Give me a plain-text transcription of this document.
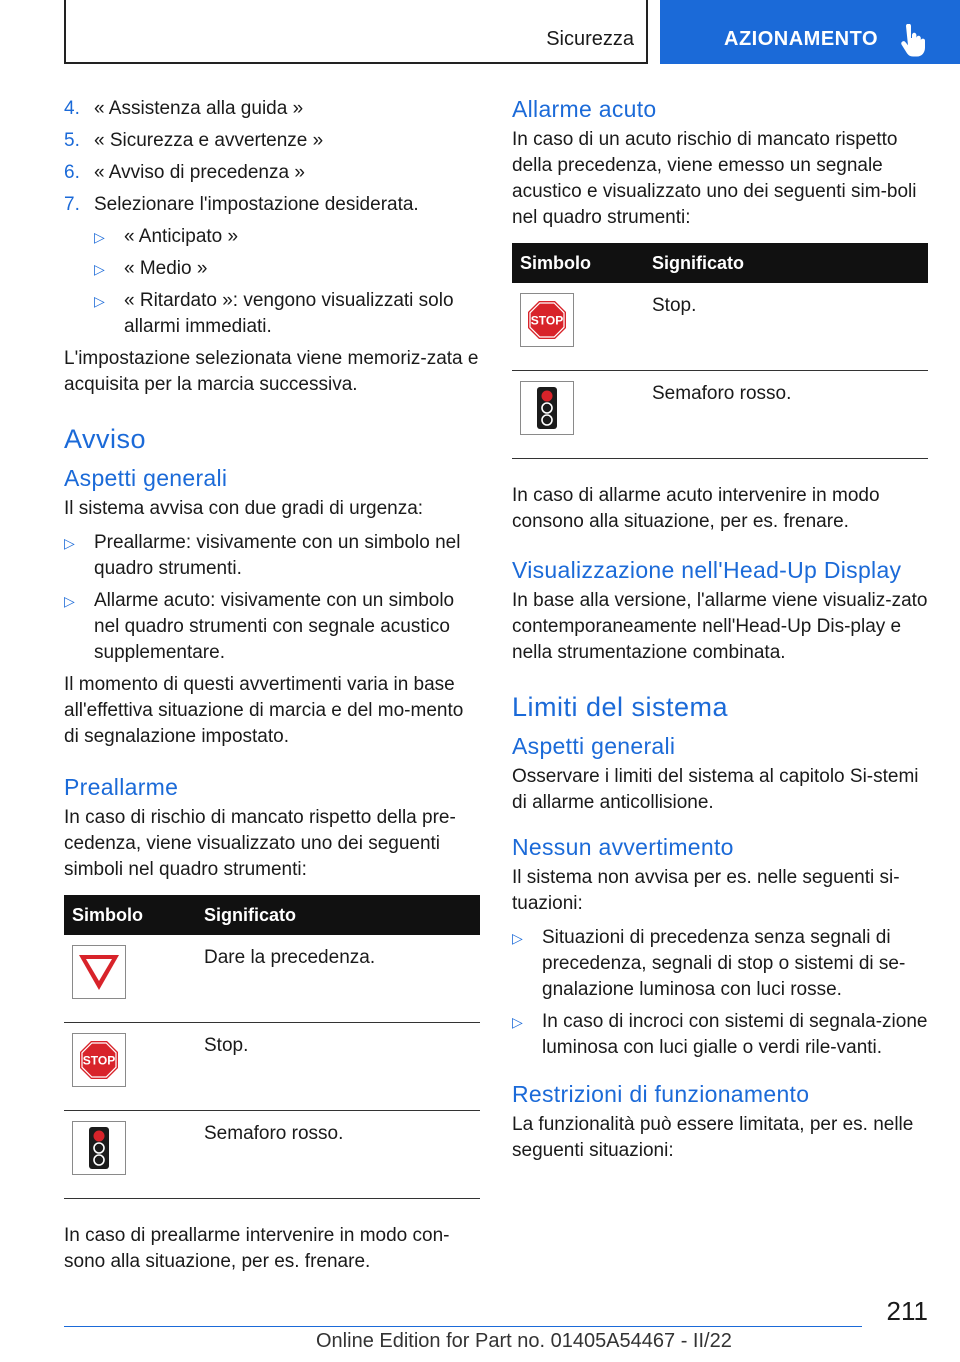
Sicurezza	AZIONAMENTO
4. « Assistenza alla guida »
5. « Sicurezza e avvertenze »
6. « Avviso di precedenza »
7. Selezionare l'impostazione desiderata.
▷ « Anticipato »
▷ « Medio »
▷ « Ritardato »: vengono visualizzati solo allarmi immediati.

L'impostazione selezionata viene memoriz-zata e acquisita per la marcia successiva.

Avviso
Aspetti generali

Il sistema avvisa con due gradi di urgenza:

▷ Preallarme: visivamente con un simbolo nel quadro strumenti.
▷ Allarme acuto: visivamente con un simbolo nel quadro strumenti con segnale acustico supplementare.

Il momento di questi avvertimenti varia in base all'effettiva situazione di marcia e del mo-mento di segnalazione impostato.

Preallarme

In caso di rischio di mancato rispetto della pre-cedenza, viene visualizzato uno dei seguenti simboli nel quadro strumenti:

Simbolo	Significato

	Dare la precedenza.

STOP	Stop.

	Semaforo rosso.

In caso di preallarme intervenire in modo con-sono alla situazione, per es. frenare.

Allarme acuto

In caso di un acuto rischio di mancato rispetto della precedenza, viene emesso un segnale acustico e visualizzato uno dei seguenti sim-boli nel quadro strumenti:

Simbolo	Significato

STOP	Stop.

	Semaforo rosso.

In caso di allarme acuto intervenire in modo consono alla situazione, per es. frenare.

Visualizzazione nell'Head-Up Display

In base alla versione, l'allarme viene visualiz-zato contemporaneamente nell'Head-Up Dis-play e nella strumentazione combinata.

Limiti del sistema
Aspetti generali

Osservare i limiti del sistema al capitolo Si-stemi di allarme anticollisione.

Nessun avvertimento

Il sistema non avvisa per es. nelle seguenti si-tuazioni:

▷ Situazioni di precedenza senza segnali di precedenza, segnali di stop o sistemi di se-gnalazione luminosa con luci rosse.
▷ In caso di incroci con sistemi di segnala-zione luminosa con luci gialle o verdi rile-vanti.
Restrizioni di funzionamento

La funzionalità può essere limitata, per es. nelle seguenti situazioni:

211
Online Edition for Part no. 01405A54467 - II/22
